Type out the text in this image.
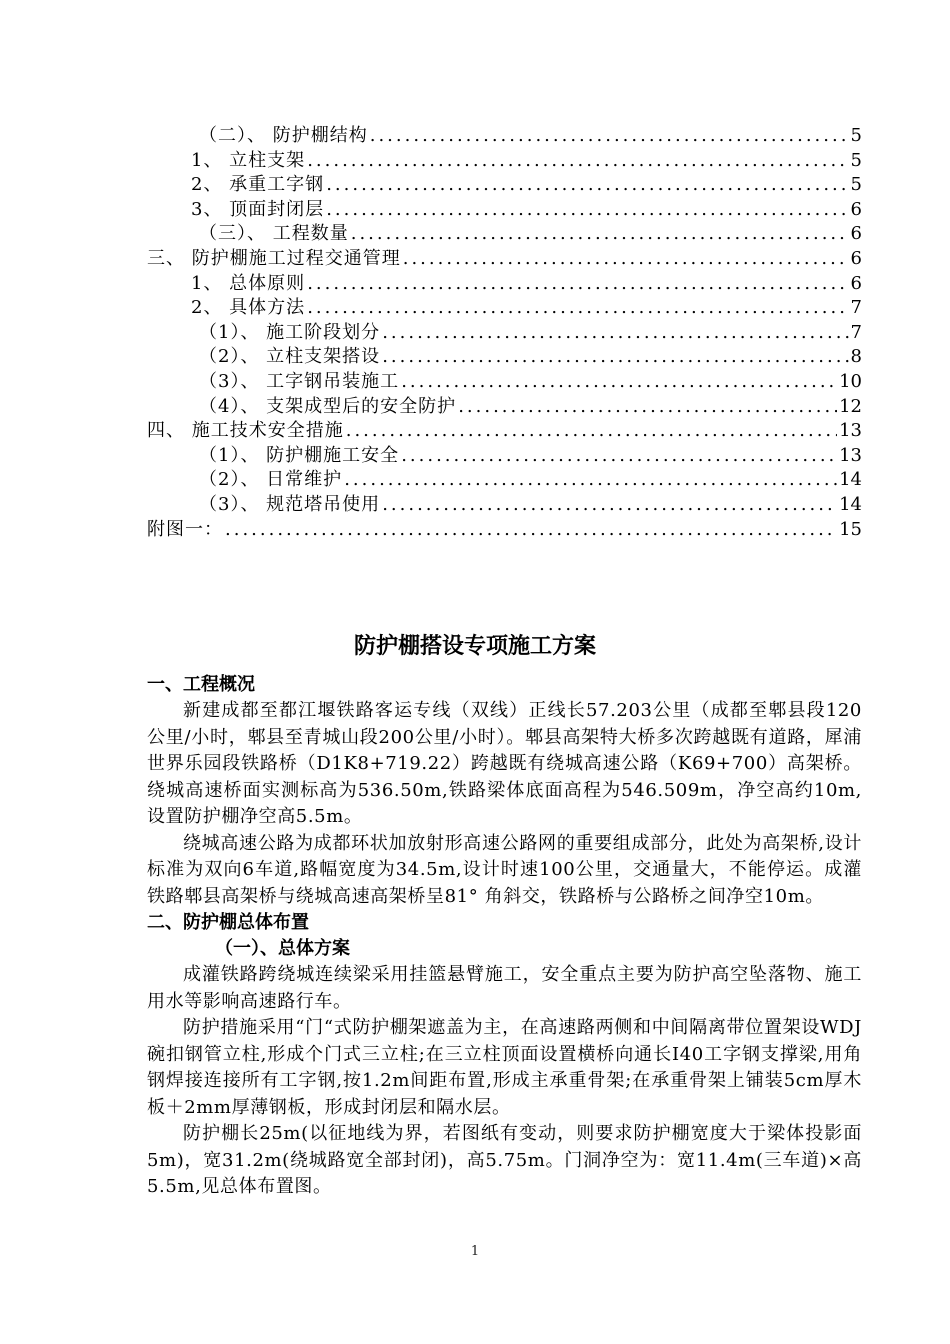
（二）、 防护棚结构 .....	5
1、 立柱支架 .....	5
2、 承重工字钢 .....	5
3、 顶面封闭层 .....	6
（三）、 工程数量 .....	6
三、 防护棚施工过程交通管理 .....	6
1、 总体原则 .....	6
2、 具体方法 .....	7
（1）、 施工阶段划分 .....	7
（2）、 立柱支架搭设 .....	8
（3）、 工字钢吊装施工 .....	10
（4）、 支架成型后的安全防护 .....	12
四、 施工技术安全措施 .....	13
（1）、 防护棚施工安全 .....	13
（2）、 日常维护 .....	14
（3）、 规范塔吊使用 .....	14
附图一： .....	15
防护棚搭设专项施工方案
一、工程概况

新建成都至都江堰铁路客运专线（双线）正线长57.203公里（成都至郫县段120公里/小时，郫县至青城山段200公里/小时）。郫县高架特大桥多次跨越既有道路，犀浦世界乐园段铁路桥（D1K8+719.22）跨越既有绕城高速公路（K69+700）高架桥。绕城高速桥面实测标高为536.50m,铁路梁体底面高程为546.509m，净空高约10m,设置防护棚净空高5.5m。

绕城高速公路为成都环状加放射形高速公路网的重要组成部分，此处为高架桥,设计标准为双向6车道,路幅宽度为34.5m,设计时速100公里，交通量大，不能停运。成灌铁路郫县高架桥与绕城高速高架桥呈81° 角斜交，铁路桥与公路桥之间净空10m。

二、防护棚总体布置
（一）、总体方案

成灌铁路跨绕城连续梁采用挂篮悬臂施工，安全重点主要为防护高空坠落物、施工用水等影响高速路行车。

防护措施采用“门“式防护棚架遮盖为主，在高速路两侧和中间隔离带位置架设WDJ碗扣钢管立柱,形成个门式三立柱;在三立柱顶面设置横桥向通长I40工字钢支撑梁,用角钢焊接连接所有工字钢,按1.2m间距布置,形成主承重骨架;在承重骨架上铺装5cm厚木板＋2mm厚薄钢板，形成封闭层和隔水层。

防护棚长25m(以征地线为界，若图纸有变动，则要求防护棚宽度大于梁体投影面5m)，宽31.2m(绕城路宽全部封闭)，高5.75m。门洞净空为：宽11.4m(三车道)×高5.5m,见总体布置图。

1
